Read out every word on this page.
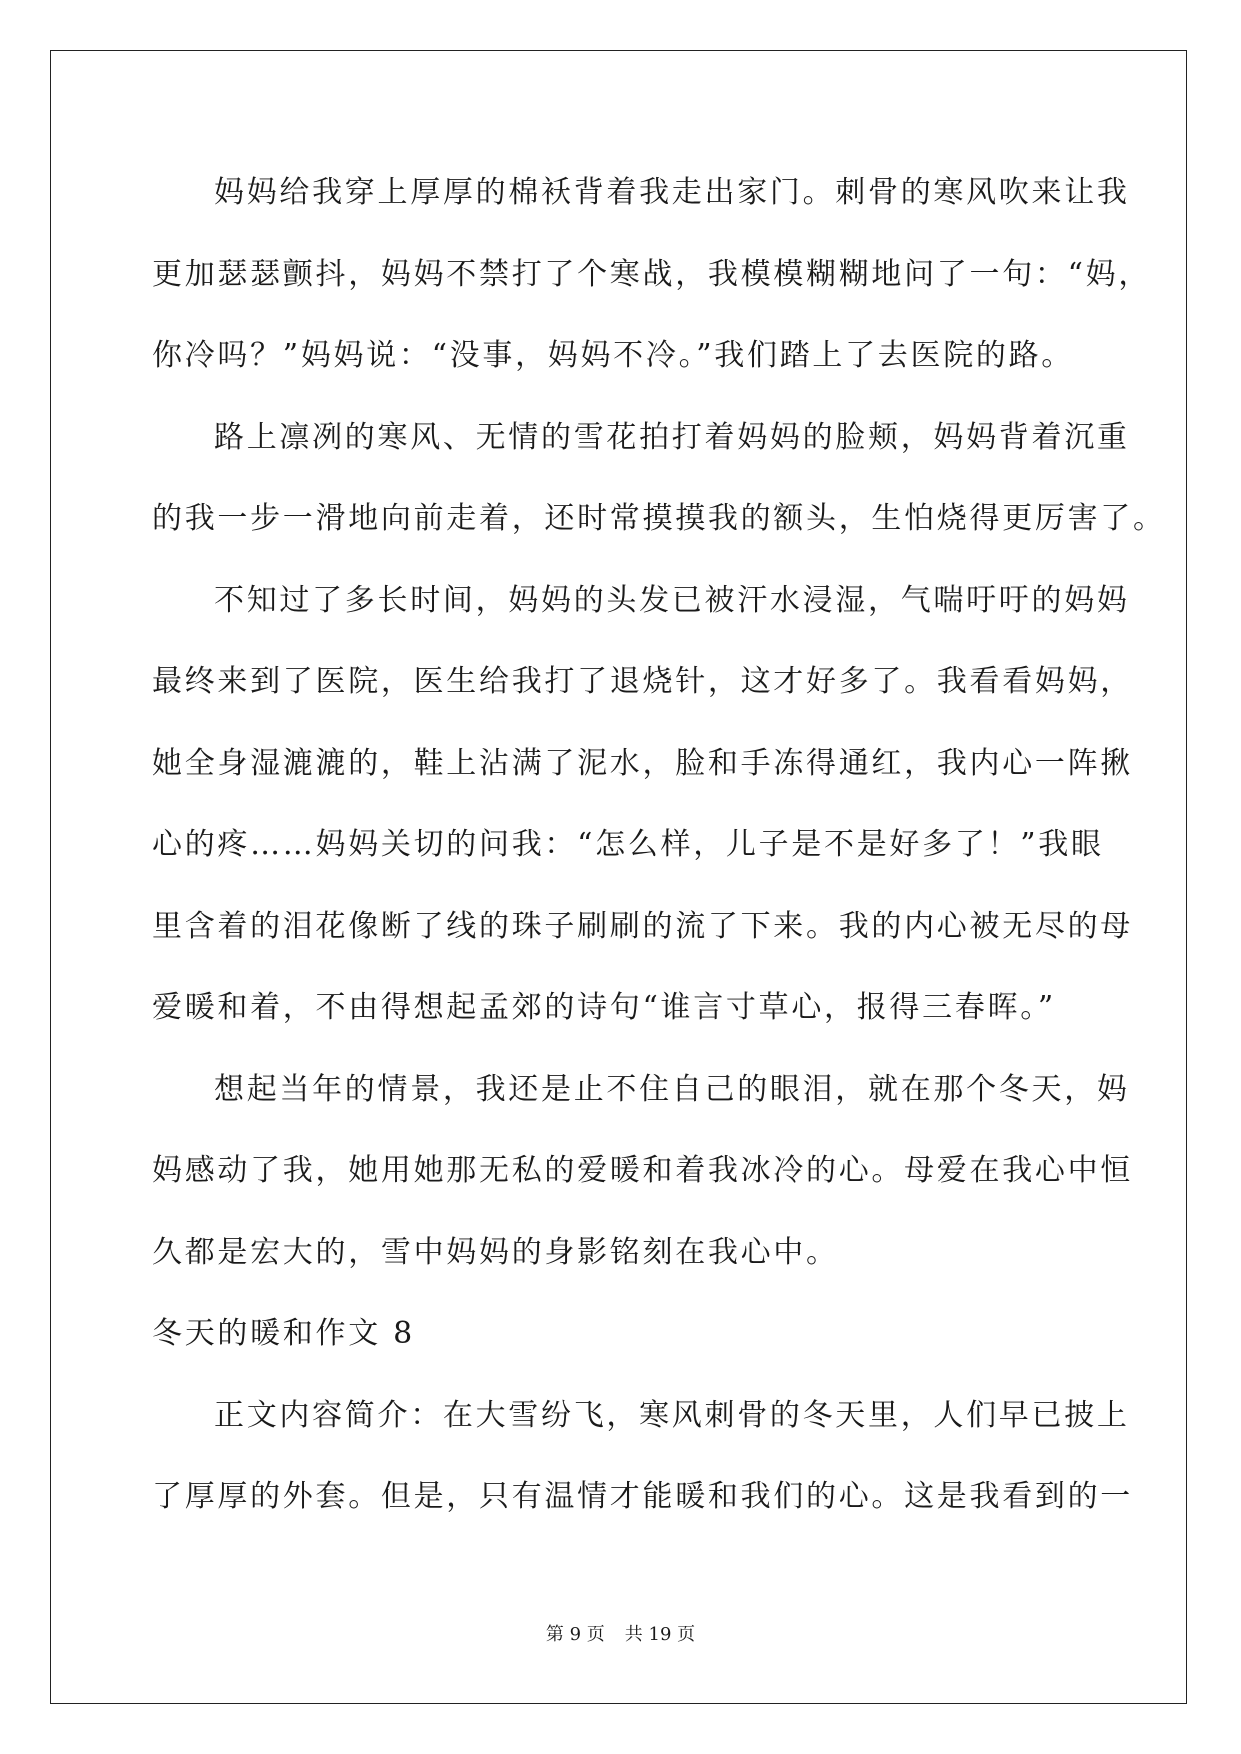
妈妈给我穿上厚厚的棉袄背着我走出家门。刺骨的寒风吹来让我
更加瑟瑟颤抖，妈妈不禁打了个寒战，我模模糊糊地问了一句：“妈，
你冷吗？”妈妈说：“没事，妈妈不冷。”我们踏上了去医院的路。
路上凛冽的寒风、无情的雪花拍打着妈妈的脸颊，妈妈背着沉重
的我一步一滑地向前走着，还时常摸摸我的额头，生怕烧得更厉害了。
不知过了多长时间，妈妈的头发已被汗水浸湿，气喘吁吁的妈妈
最终来到了医院，医生给我打了退烧针，这才好多了。我看看妈妈，
她全身湿漉漉的，鞋上沾满了泥水，脸和手冻得通红，我内心一阵揪
心的疼……妈妈关切的问我：“怎么样，儿子是不是好多了！”我眼
里含着的泪花像断了线的珠子刷刷的流了下来。我的内心被无尽的母
爱暖和着，不由得想起孟郊的诗句“谁言寸草心，报得三春晖。”
想起当年的情景，我还是止不住自己的眼泪，就在那个冬天，妈
妈感动了我，她用她那无私的爱暖和着我冰冷的心。母爱在我心中恒
久都是宏大的，雪中妈妈的身影铭刻在我心中。
冬天的暖和作文 8
正文内容简介：在大雪纷飞，寒风刺骨的冬天里，人们早已披上
了厚厚的外套。但是，只有温情才能暖和我们的心。这是我看到的一
第 9 页 共 19 页
